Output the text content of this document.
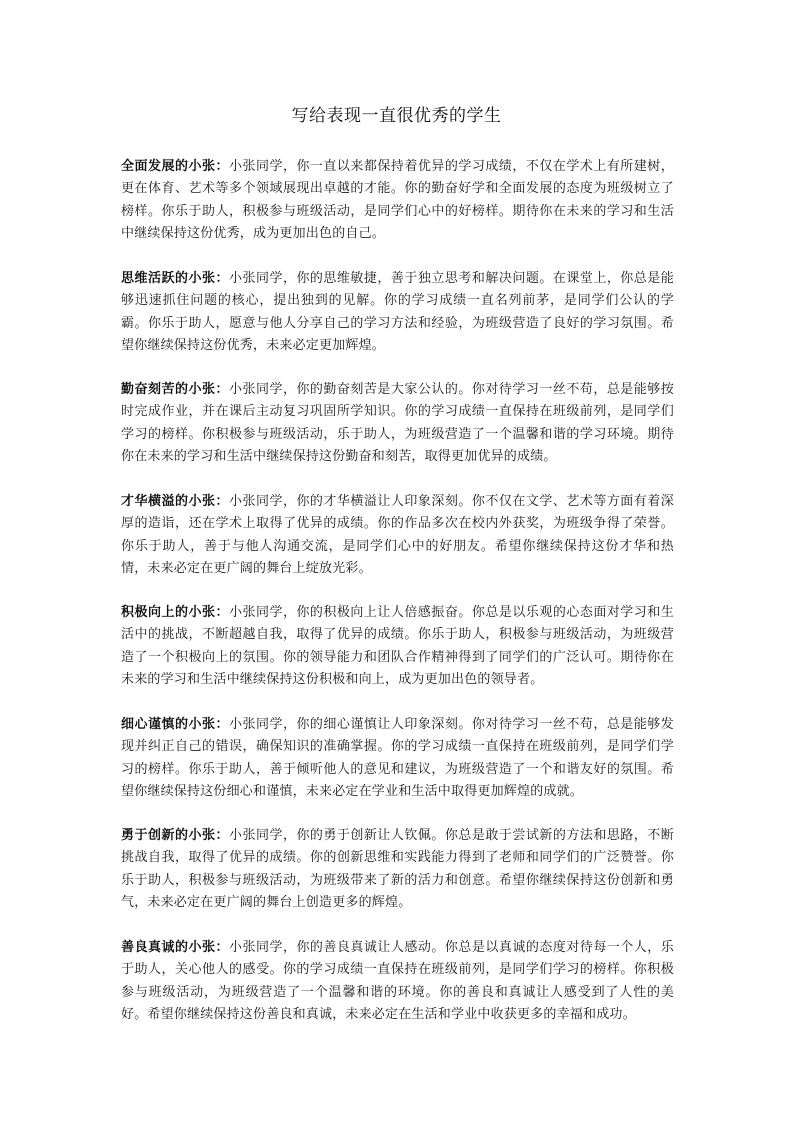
写给表现一直很优秀的学生

全面发展的小张：小张同学，你一直以来都保持着优异的学习成绩，不仅在学术上有所建树，更在体育、艺术等多个领域展现出卓越的才能。你的勤奋好学和全面发展的态度为班级树立了榜样。你乐于助人，积极参与班级活动，是同学们心中的好榜样。期待你在未来的学习和生活中继续保持这份优秀，成为更加出色的自己。

思维活跃的小张：小张同学，你的思维敏捷，善于独立思考和解决问题。在课堂上，你总是能够迅速抓住问题的核心，提出独到的见解。你的学习成绩一直名列前茅，是同学们公认的学霸。你乐于助人，愿意与他人分享自己的学习方法和经验，为班级营造了良好的学习氛围。希望你继续保持这份优秀，未来必定更加辉煌。

勤奋刻苦的小张：小张同学，你的勤奋刻苦是大家公认的。你对待学习一丝不苟，总是能够按时完成作业，并在课后主动复习巩固所学知识。你的学习成绩一直保持在班级前列，是同学们学习的榜样。你积极参与班级活动，乐于助人，为班级营造了一个温馨和谐的学习环境。期待你在未来的学习和生活中继续保持这份勤奋和刻苦，取得更加优异的成绩。

才华横溢的小张：小张同学，你的才华横溢让人印象深刻。你不仅在文学、艺术等方面有着深厚的造诣，还在学术上取得了优异的成绩。你的作品多次在校内外获奖，为班级争得了荣誉。你乐于助人，善于与他人沟通交流，是同学们心中的好朋友。希望你继续保持这份才华和热情，未来必定在更广阔的舞台上绽放光彩。

积极向上的小张：小张同学，你的积极向上让人倍感振奋。你总是以乐观的心态面对学习和生活中的挑战，不断超越自我，取得了优异的成绩。你乐于助人，积极参与班级活动，为班级营造了一个积极向上的氛围。你的领导能力和团队合作精神得到了同学们的广泛认可。期待你在未来的学习和生活中继续保持这份积极和向上，成为更加出色的领导者。

细心谨慎的小张：小张同学，你的细心谨慎让人印象深刻。你对待学习一丝不苟，总是能够发现并纠正自己的错误，确保知识的准确掌握。你的学习成绩一直保持在班级前列，是同学们学习的榜样。你乐于助人，善于倾听他人的意见和建议，为班级营造了一个和谐友好的氛围。希望你继续保持这份细心和谨慎，未来必定在学业和生活中取得更加辉煌的成就。

勇于创新的小张：小张同学，你的勇于创新让人钦佩。你总是敢于尝试新的方法和思路，不断挑战自我，取得了优异的成绩。你的创新思维和实践能力得到了老师和同学们的广泛赞誉。你乐于助人，积极参与班级活动，为班级带来了新的活力和创意。希望你继续保持这份创新和勇气，未来必定在更广阔的舞台上创造更多的辉煌。

善良真诚的小张：小张同学，你的善良真诚让人感动。你总是以真诚的态度对待每一个人，乐于助人，关心他人的感受。你的学习成绩一直保持在班级前列，是同学们学习的榜样。你积极参与班级活动，为班级营造了一个温馨和谐的环境。你的善良和真诚让人感受到了人性的美好。希望你继续保持这份善良和真诚，未来必定在生活和学业中收获更多的幸福和成功。
